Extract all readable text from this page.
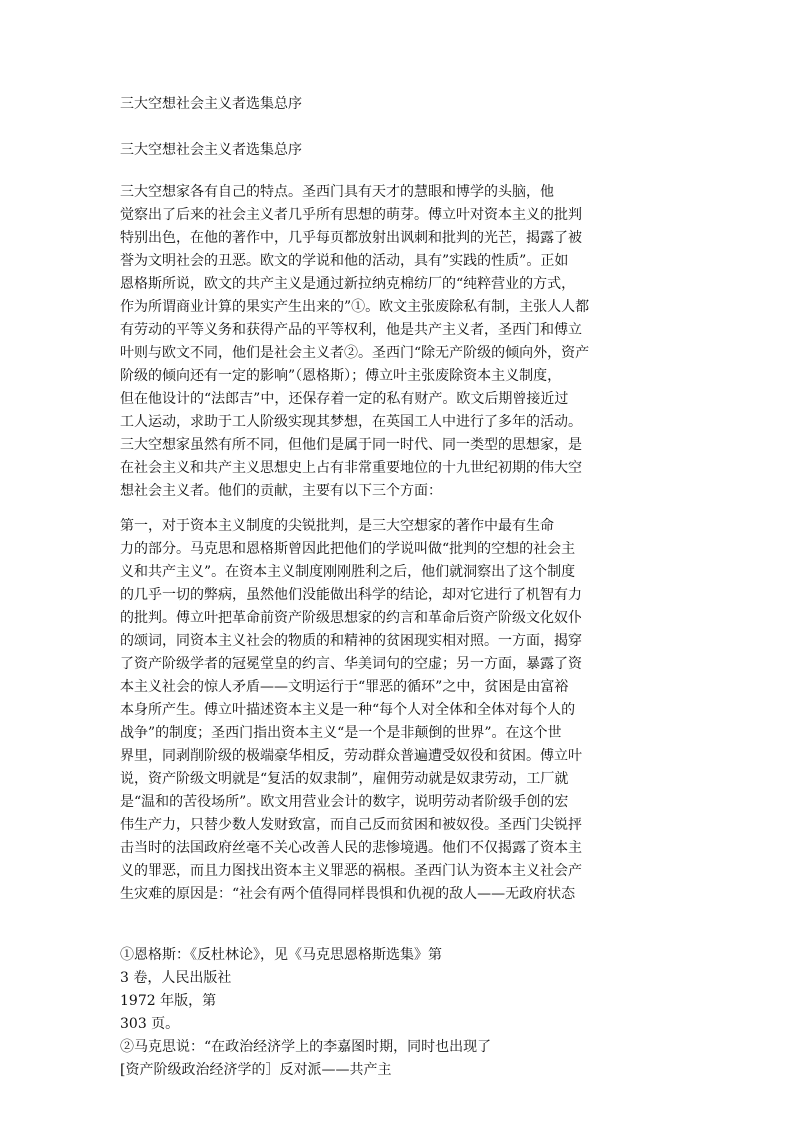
三大空想社会主义者选集总序
三大空想社会主义者选集总序
三大空想家各有自己的特点。圣西门具有天才的慧眼和博学的头脑，他
觉察出了后来的社会主义者几乎所有思想的萌芽。傅立叶对资本主义的批判
特别出色，在他的著作中，几乎每页都放射出讽刺和批判的光芒，揭露了被
誉为文明社会的丑恶。欧文的学说和他的活动，具有”实践的性质”。正如
恩格斯所说，欧文的共产主义是通过新拉纳克棉纺厂的“纯粹营业的方式，
作为所谓商业计算的果实产生出来的”①。欧文主张废除私有制，主张人人都
有劳动的平等义务和获得产品的平等权利，他是共产主义者，圣西门和傅立
叶则与欧文不同，他们是社会主义者②。圣西门“除无产阶级的倾向外，资产
阶级的倾向还有一定的影响”（恩格斯）；傅立叶主张废除资本主义制度，
但在他设计的“法郎吉”中，还保存着一定的私有财产。欧文后期曾接近过
工人运动，求助于工人阶级实现其梦想，在英国工人中进行了多年的活动。
三大空想家虽然有所不同，但他们是属于同一时代、同一类型的思想家，是
在社会主义和共产主义思想史上占有非常重要地位的十九世纪初期的伟大空
想社会主义者。他们的贡献，主要有以下三个方面：
第一，对于资本主义制度的尖锐批判，是三大空想家的著作中最有生命
力的部分。马克思和恩格斯曾因此把他们的学说叫做“批判的空想的社会主
义和共产主义”。在资本主义制度刚刚胜利之后，他们就洞察出了这个制度
的几乎一切的弊病，虽然他们没能做出科学的结论，却对它进行了机智有力
的批判。傅立叶把革命前资产阶级思想家的约言和革命后资产阶级文化奴仆
的颂词，同资本主义社会的物质的和精神的贫困现实相对照。一方面，揭穿
了资产阶级学者的冠冕堂皇的约言、华美词句的空虚；另一方面，暴露了资
本主义社会的惊人矛盾——文明运行于“罪恶的循环”之中，贫困是由富裕
本身所产生。傅立叶描述资本主义是一种“每个人对全体和全体对每个人的
战争”的制度；圣西门指出资本主义“是一个是非颠倒的世界”。在这个世
界里，同剥削阶级的极端豪华相反，劳动群众普遍遭受奴役和贫困。傅立叶
说，资产阶级文明就是“复活的奴隶制”，雇佣劳动就是奴隶劳动，工厂就
是“温和的苦役场所”。欧文用营业会计的数字，说明劳动者阶级手创的宏
伟生产力，只替少数人发财致富，而自己反而贫困和被奴役。圣西门尖锐抨
击当时的法国政府丝毫不关心改善人民的悲惨境遇。他们不仅揭露了资本主
义的罪恶，而且力图找出资本主义罪恶的祸根。圣西门认为资本主义社会产
生灾难的原因是：“社会有两个值得同样畏惧和仇视的敌人——无政府状态
①恩格斯：《反杜林论》，见《马克思恩格斯选集》第
3 卷，人民出版社
1972 年版，第
303 页。
②马克思说：“在政治经济学上的李嘉图时期，同时也出现了
[资产阶级政治经济学的］反对派——共产主
